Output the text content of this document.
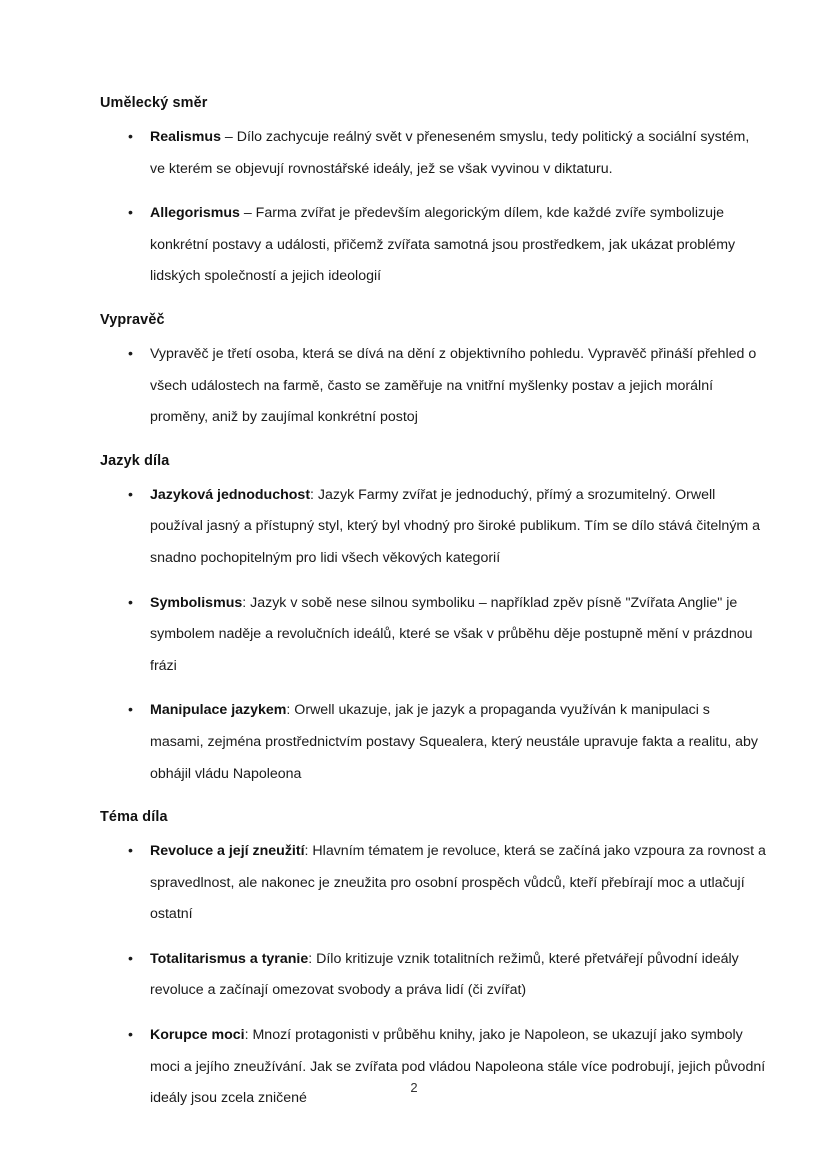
Umělecký směr
• Realismus – Dílo zachycuje reálný svět v přeneseném smyslu, tedy politický a sociální systém, ve kterém se objevují rovnostářské ideály, jež se však vyvinou v diktaturu.
• Allegorismus – Farma zvířat je především alegorickým dílem, kde každé zvíře symbolizuje konkrétní postavy a události, přičemž zvířata samotná jsou prostředkem, jak ukázat problémy lidských společností a jejich ideologií
Vypravěč
• Vypravěč je třetí osoba, která se dívá na dění z objektivního pohledu. Vypravěč přináší přehled o všech událostech na farmě, často se zaměřuje na vnitřní myšlenky postav a jejich morální proměny, aniž by zaujímal konkrétní postoj
Jazyk díla
• Jazyková jednoduchost: Jazyk Farmy zvířat je jednoduchý, přímý a srozumitelný. Orwell používal jasný a přístupný styl, který byl vhodný pro široké publikum. Tím se dílo stává čitelným a snadno pochopitelným pro lidi všech věkových kategorií
• Symbolismus: Jazyk v sobě nese silnou symboliku – například zpěv písně "Zvířata Anglie" je symbolem naděje a revolučních ideálů, které se však v průběhu děje postupně mění v prázdnou frázi
• Manipulace jazykem: Orwell ukazuje, jak je jazyk a propaganda využíván k manipulaci s masami, zejména prostřednictvím postavy Squealera, který neustále upravuje fakta a realitu, aby obhájil vládu Napoleona
Téma díla
• Revoluce a její zneužití: Hlavním tématem je revoluce, která se začíná jako vzpoura za rovnost a spravedlnost, ale nakonec je zneužita pro osobní prospěch vůdců, kteří přebírají moc a utlačují ostatní
• Totalitarismus a tyranie: Dílo kritizuje vznik totalitních režimů, které přetvářejí původní ideály revoluce a začínají omezovat svobody a práva lidí (či zvířat)
• Korupce moci: Mnozí protagonisti v průběhu knihy, jako je Napoleon, se ukazují jako symboly moci a jejího zneužívání. Jak se zvířata pod vládou Napoleona stále více podrobují, jejich původní ideály jsou zcela zničené
2
